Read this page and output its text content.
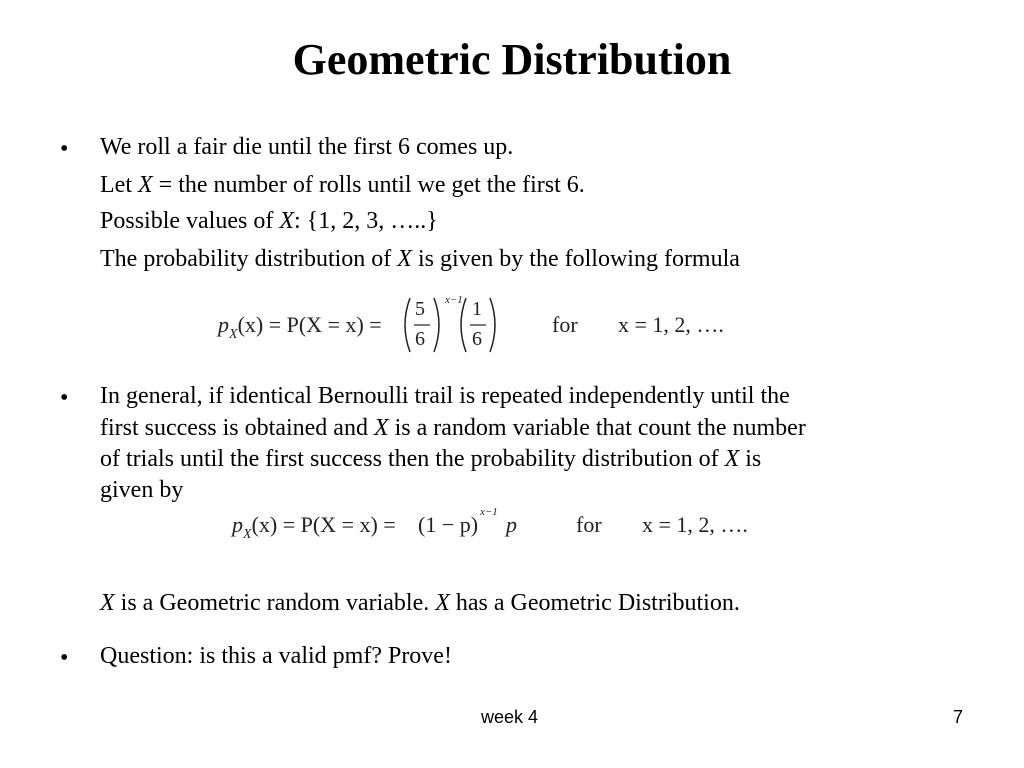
Geometric Distribution
• We roll a fair die until the first 6 comes up.
Let X = the number of rolls until we get the first 6.
Possible values of X: {1, 2, 3, …..}
The probability distribution of X is given by the following formula
$p_X(x) = P(X = x)$ =
5
6
x−1 1
6
for x = 1, 2, ….
• In general, if identical Bernoulli trail is repeated independently until the
first success is obtained and X is a random variable that count the number
of trials until the first success then the probability distribution of X is
given by
$p_X(x) = P(X = x) = (1 - p)$ x−1 p	for x = 1, 2, ….
X is a Geometric random variable. X has a Geometric Distribution.
• Question: is this a valid pmf? Prove!
week 4	7
